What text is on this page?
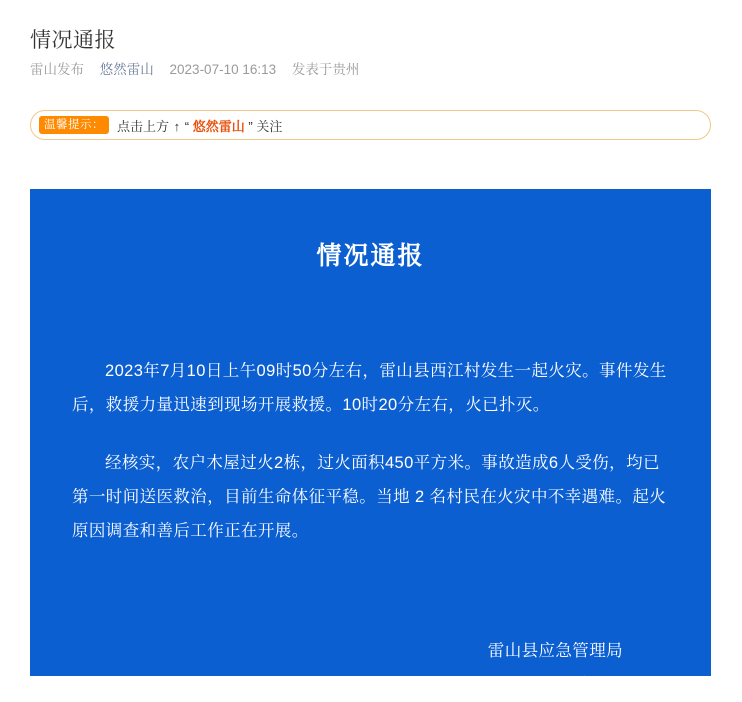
情况通报
雷山发布 悠然雷山 2023-07-10 16:13 发表于贵州
温馨提示：	点击上方 ↑ “ 悠然雷山 ” 关注
情况通报

2023年7月10日上午09时50分左右，雷山县西江村发生一起火灾。事件发生后，救援力量迅速到现场开展救援。10时20分左右，火已扑灭。

经核实，农户木屋过火2栋，过火面积450平方米。事故造成6人受伤，均已第一时间送医救治，目前生命体征平稳。当地 2 名村民在火灾中不幸遇难。起火原因调查和善后工作正在开展。

雷山县应急管理局
2023年7月10日
